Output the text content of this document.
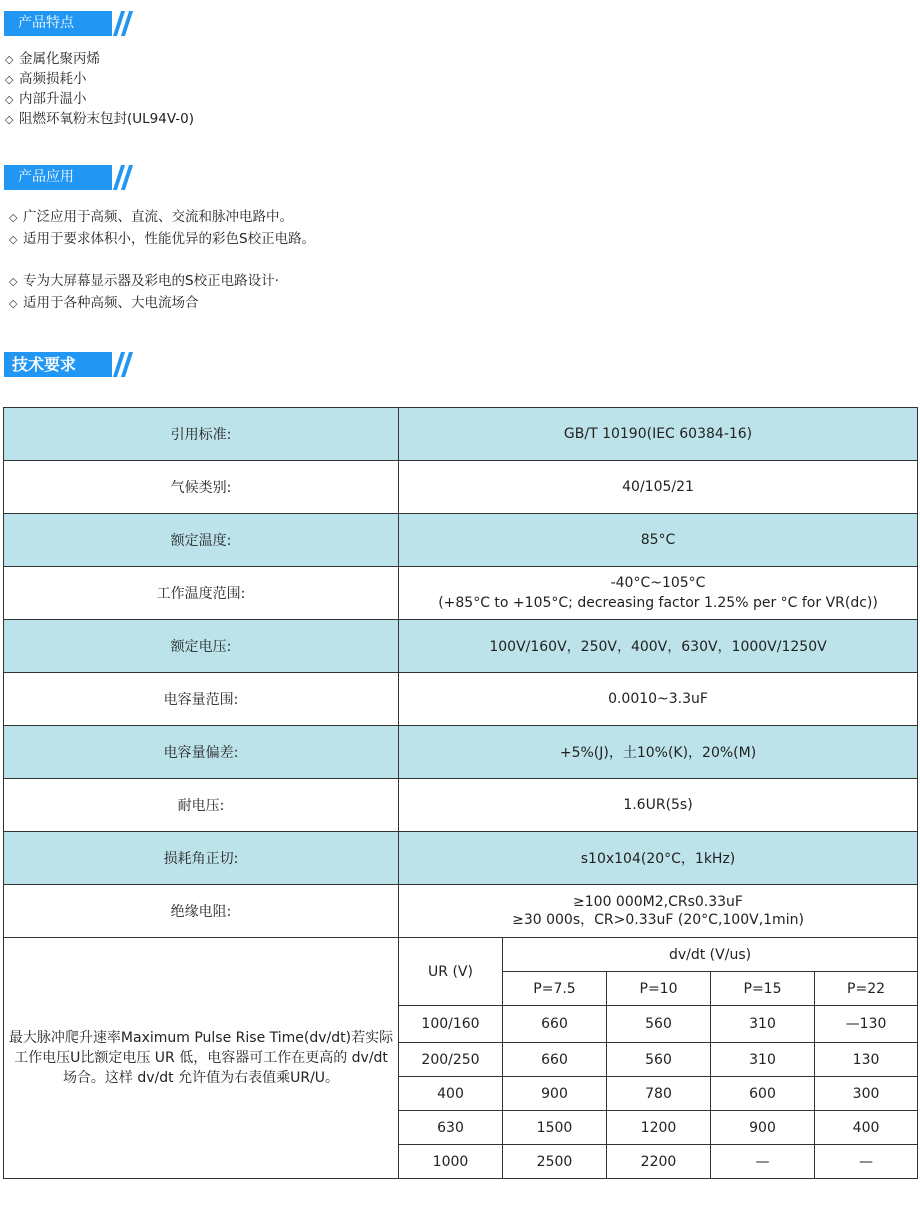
产品特点
◇ 金属化聚丙烯
◇ 高频损耗小
◇ 内部升温小
◇ 阻燃环氧粉末包封(UL94V-0)
产品应用
◇ 广泛应用于高频、直流、交流和脉冲电路中。
◇ 适用于要求体积小，性能优异的彩色S校正电路。
◇ 专为大屏幕显示器及彩电的S校正电路设计·
◇ 适用于各种高频、大电流场合
技术要求
引用标准:	GB/T 10190(IEC 60384-16)				
气候类别:	40/105/21				
额定温度:	85°C				
工作温度范围:	-40°C~105°C
(+85°C to +105°C; decreasing factor 1.25% per °C for VR(dc))				

额定电压:	100V/160V，250V，400V，630V，1000V/1250V				
电容量范围:	0.0010~3.3uF				
电容量偏差:	+5%(J)，土10%(K)，20%(M)				
耐电压:	1.6UR(5s)				
损耗角正切:	s10x104(20°C，1kHz)				
绝缘电阻:	≥100 000M2,CRs0.33uF
≥30 000s，CR>0.33uF (20°C,100V,1min)				

最大脉冲爬升速率Maximum Pulse Rise Time(dv/dt)若实际工作电压U比额定电压 UR 低，电容器可工作在更高的 dv/dt 场合。这样 dv/dt 允许值为右表值乘UR/U。	UR (V)	dv/dt (V/us)			
		P=7.5	P=10	P=15	P=22
	100/160	660	560	310	—130
	200/250	660	560	310	130
	400	900	780	600	300
	630	1500	1200	900	400
	1000	2500	2200	—	—
